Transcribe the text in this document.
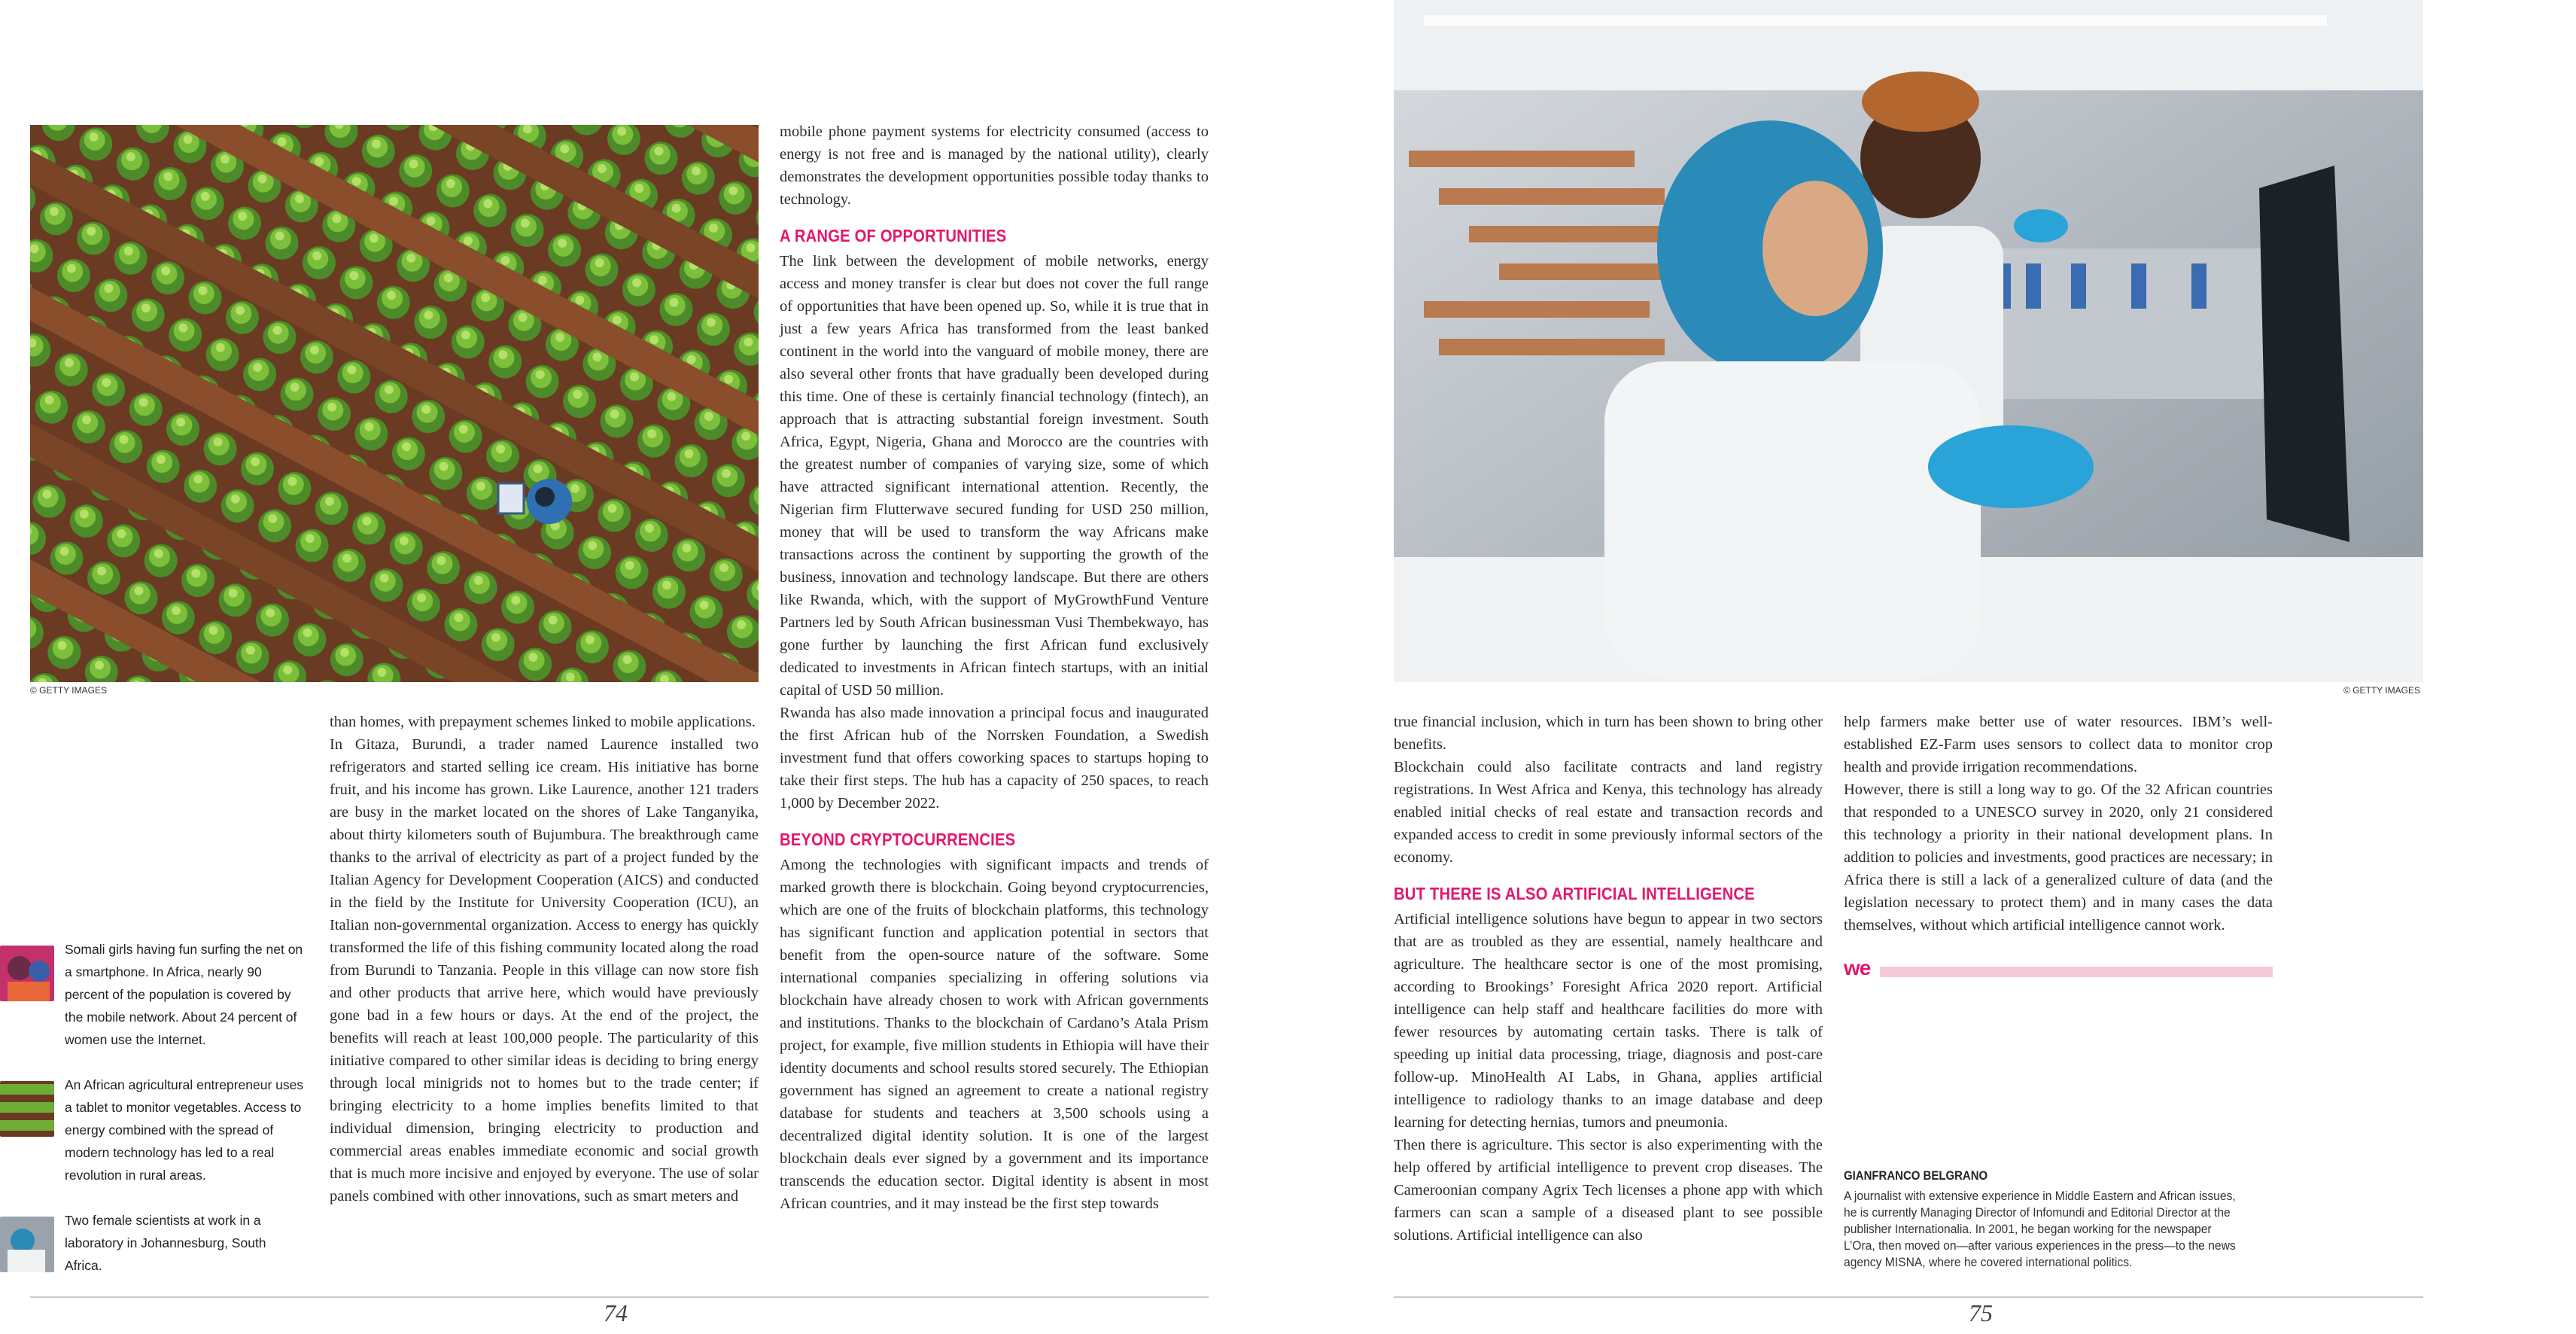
© GETTY IMAGES	© GETTY IMAGES
Somali girls having fun surfing the net on a smartphone. In Africa, nearly 90 percent of the population is covered by the mobile network. About 24 percent of women use the Internet.
An African agricultural entrepreneur uses a tablet to monitor vegetables. Access to energy combined with the spread of modern technology has led to a real revolution in rural areas.
Two female scientists at work in a laboratory in Johannesburg, South Africa.

than homes, with prepayment schemes linked to mobile applications.

In Gitaza, Burundi, a trader named Laurence installed two refrigerators and started selling ice cream. His initiative has borne fruit, and his income has grown. Like Laurence, another 121 traders are busy in the market located on the shores of Lake Tanganyika, about thirty kilometers south of Bujumbura. The breakthrough came thanks to the arrival of electricity as part of a project funded by the Italian Agency for Development Cooperation (AICS) and conducted in the field by the Institute for University Cooperation (ICU), an Italian non-governmental organization. Access to energy has quickly transformed the life of this fishing community located along the road from Burundi to Tanzania. People in this village can now store fish and other products that arrive here, which would have previously gone bad in a few hours or days. At the end of the project, the benefits will reach at least 100,000 people. The particularity of this initiative compared to other similar ideas is deciding to bring energy through local minigrids not to homes but to the trade center; if bringing electricity to a home implies benefits limited to that individual dimension, bringing electricity to production and commercial areas enables immediate economic and social growth that is much more incisive and enjoyed by everyone. The use of solar panels combined with other innovations, such as smart meters and

mobile phone payment systems for electricity consumed (access to energy is not free and is managed by the national utility), clearly demonstrates the development opportunities possible today thanks to technology.

A RANGE OF OPPORTUNITIES

The link between the development of mobile networks, energy access and money transfer is clear but does not cover the full range of opportunities that have been opened up. So, while it is true that in just a few years Africa has transformed from the least banked continent in the world into the vanguard of mobile money, there are also several other fronts that have gradually been developed during this time. One of these is certainly financial technology (fintech), an approach that is attracting substantial foreign investment. South Africa, Egypt, Nigeria, Ghana and Morocco are the countries with the greatest number of companies of varying size, some of which have attracted significant international attention. Recently, the Nigerian firm Flutterwave secured funding for USD 250 million, money that will be used to transform the way Africans make transactions across the continent by supporting the growth of the business, innovation and technology landscape. But there are others like Rwanda, which, with the support of MyGrowthFund Venture Partners led by South African businessman Vusi Thembekwayo, has gone further by launching the first African fund exclusively dedicated to investments in African fintech startups, with an initial capital of USD 50 million.

Rwanda has also made innovation a principal focus and inaugurated the first African hub of the Norrsken Foundation, a Swedish investment fund that offers coworking spaces to startups hoping to take their first steps. The hub has a capacity of 250 spaces, to reach 1,000 by December 2022.

BEYOND CRYPTOCURRENCIES

Among the technologies with significant impacts and trends of marked growth there is blockchain. Going beyond cryptocurrencies, which are one of the fruits of blockchain platforms, this technology has significant function and application potential in sectors that benefit from the open-source nature of the software. Some international companies specializing in offering solutions via blockchain have already chosen to work with African governments and institutions. Thanks to the blockchain of Cardano’s Atala Prism project, for example, five million students in Ethiopia will have their identity documents and school results stored securely. The Ethiopian government has signed an agreement to create a national registry database for students and teachers at 3,500 schools using a decentralized digital identity solution. It is one of the largest blockchain deals ever signed by a government and its importance transcends the education sector. Digital identity is absent in most African countries, and it may instead be the first step towards

true financial inclusion, which in turn has been shown to bring other benefits.

Blockchain could also facilitate contracts and land registry registrations. In West Africa and Kenya, this technology has already enabled initial checks of real estate and transaction records and expanded access to credit in some previously informal sectors of the economy.

BUT THERE IS ALSO ARTIFICIAL INTELLIGENCE

Artificial intelligence solutions have begun to appear in two sectors that are as troubled as they are essential, namely healthcare and agriculture. The healthcare sector is one of the most promising, according to Brookings’ Foresight Africa 2020 report. Artificial intelligence can help staff and healthcare facilities do more with fewer resources by automating certain tasks. There is talk of speeding up initial data processing, triage, diagnosis and post-care follow-up. MinoHealth AI Labs, in Ghana, applies artificial intelligence to radiology thanks to an image database and deep learning for detecting hernias, tumors and pneumonia.

Then there is agriculture. This sector is also experimenting with the help offered by artificial intelligence to prevent crop diseases. The Cameroonian company Agrix Tech licenses a phone app with which farmers can scan a sample of a diseased plant to see possible solutions. Artificial intelligence can also

help farmers make better use of water resources. IBM’s well-established EZ-Farm uses sensors to collect data to monitor crop health and provide irrigation recommendations.

However, there is still a long way to go. Of the 32 African countries that responded to a UNESCO survey in 2020, only 21 considered this technology a priority in their national development plans. In addition to policies and investments, good practices are necessary; in Africa there is still a lack of a generalized culture of data (and the legislation necessary to protect them) and in many cases the data themselves, without which artificial intelligence cannot work.

we
GIANFRANCO BELGRANO
A journalist with extensive experience in Middle Eastern and African issues, he is currently Managing Director of Infomundi and Editorial Director at the publisher Internationalia. In 2001, he began working for the newspaper L’Ora, then moved on—after various experiences in the press—to the news agency MISNA, where he covered international politics.
74	75
